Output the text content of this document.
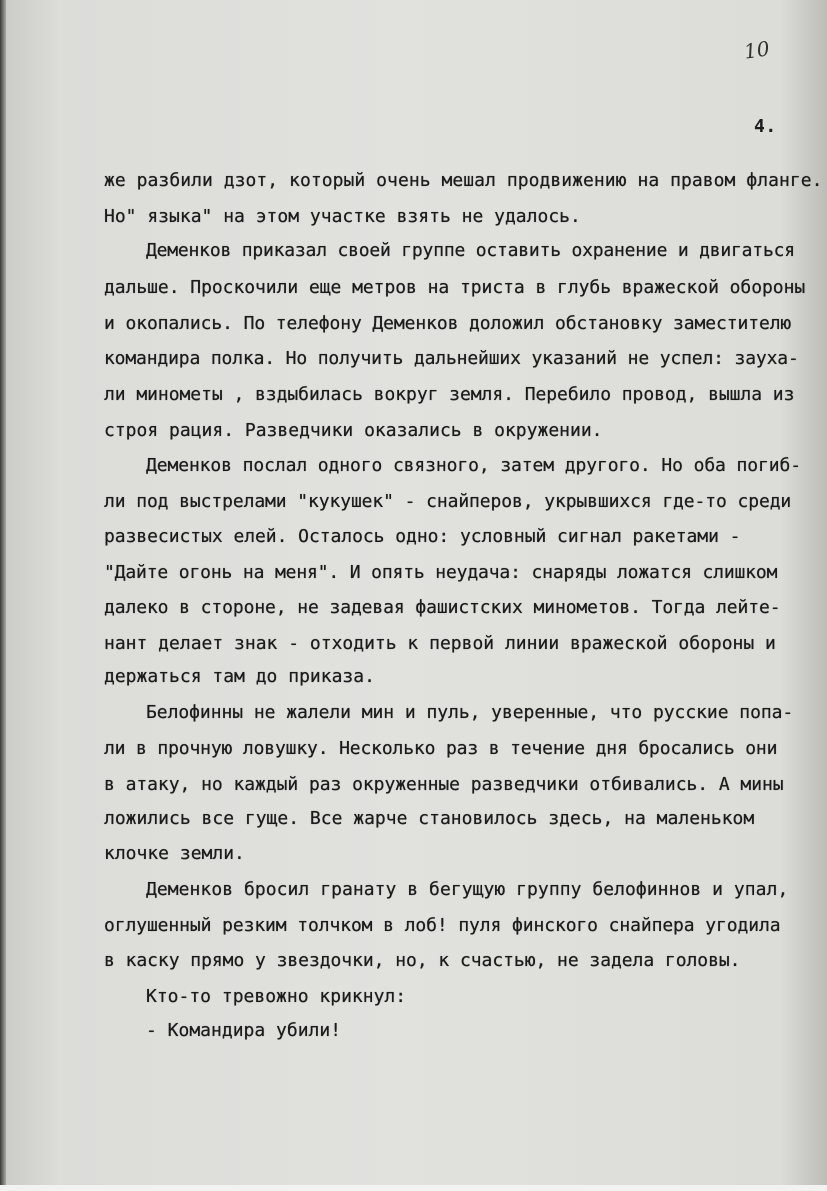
10
4.
же разбили дзот, который очень мешал продвижению на правом фланге.
Но" языка" на этом участке взять не удалось.
Деменков приказал своей группе оставить охранение и двигаться
дальше. Проскочили еще метров на триста в глубь вражеской обороны
и окопались. По телефону Деменков доложил обстановку заместителю
командира полка. Но получить дальнейших указаний не успел: зауха-
ли минометы , вздыбилась вокруг земля. Перебило провод, вышла из
строя рация. Разведчики оказались в окружении.
Деменков послал одного связного, затем другого. Но оба погиб-
ли под выстрелами "кукушек" - снайперов, укрывшихся где-то среди
развесистых елей. Осталось одно: условный сигнал ракетами -
"Дайте огонь на меня". И опять неудача: снаряды ложатся слишком
далеко в стороне, не задевая фашистских минометов. Тогда лейте-
нант делает знак - отходить к первой линии вражеской обороны и
держаться там до приказа.
Белофинны не жалели мин и пуль, уверенные, что русские попа-
ли в прочную ловушку. Несколько раз в течение дня бросались они
в атаку, но каждый раз окруженные разведчики отбивались. А мины
ложились все гуще. Все жарче становилось здесь, на маленьком
клочке земли.
Деменков бросил гранату в бегущую группу белофиннов и упал,
оглушенный резким толчком в лоб! пуля финского снайпера угодила
в каску прямо у звездочки, но, к счастью, не задела головы.
Кто-то тревожно крикнул:
- Командира убили!
